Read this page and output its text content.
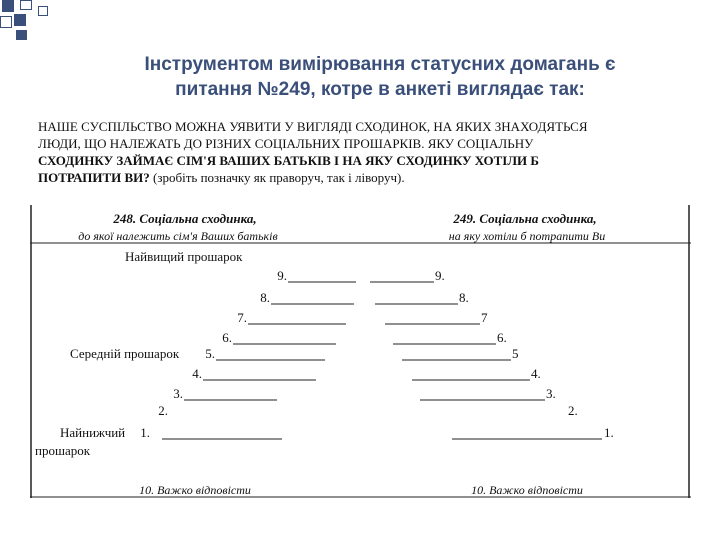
Інструментом вимірювання статусних домагань є
питання №249, котре в анкеті виглядає так:
НАШЕ СУСПІЛЬСТВО МОЖНА УЯВИТИ У ВИГЛЯДІ СХОДИНОК, НА ЯКИХ ЗНАХОДЯТЬСЯ
ЛЮДИ, ЩО НАЛЕЖАТЬ ДО РІЗНИХ СОЦІАЛЬНИХ ПРОШАРКІВ. ЯКУ СОЦІАЛЬНУ
СХОДИНКУ ЗАЙМАЄ СІМ'Я ВАШИХ БАТЬКІВ І НА ЯКУ СХОДИНКУ ХОТІЛИ Б
ПОТРАПИТИ ВИ? (зробіть позначку як праворуч, так і ліворуч).
248. Соціальна сходинка,
до якої належить сім'я Ваших батьків
249. Соціальна сходинка,
на яку хотіли б потрапити Ви
Найвищий прошарок
Середній прошарок
Найнижчий
прошарок
9.
8.
7.
6.
5.
4.
3.
2.
1.
9.
8.
7
6.
5
4.
3.
2.
1.
10. Важко відповісти	10. Важко відповісти
